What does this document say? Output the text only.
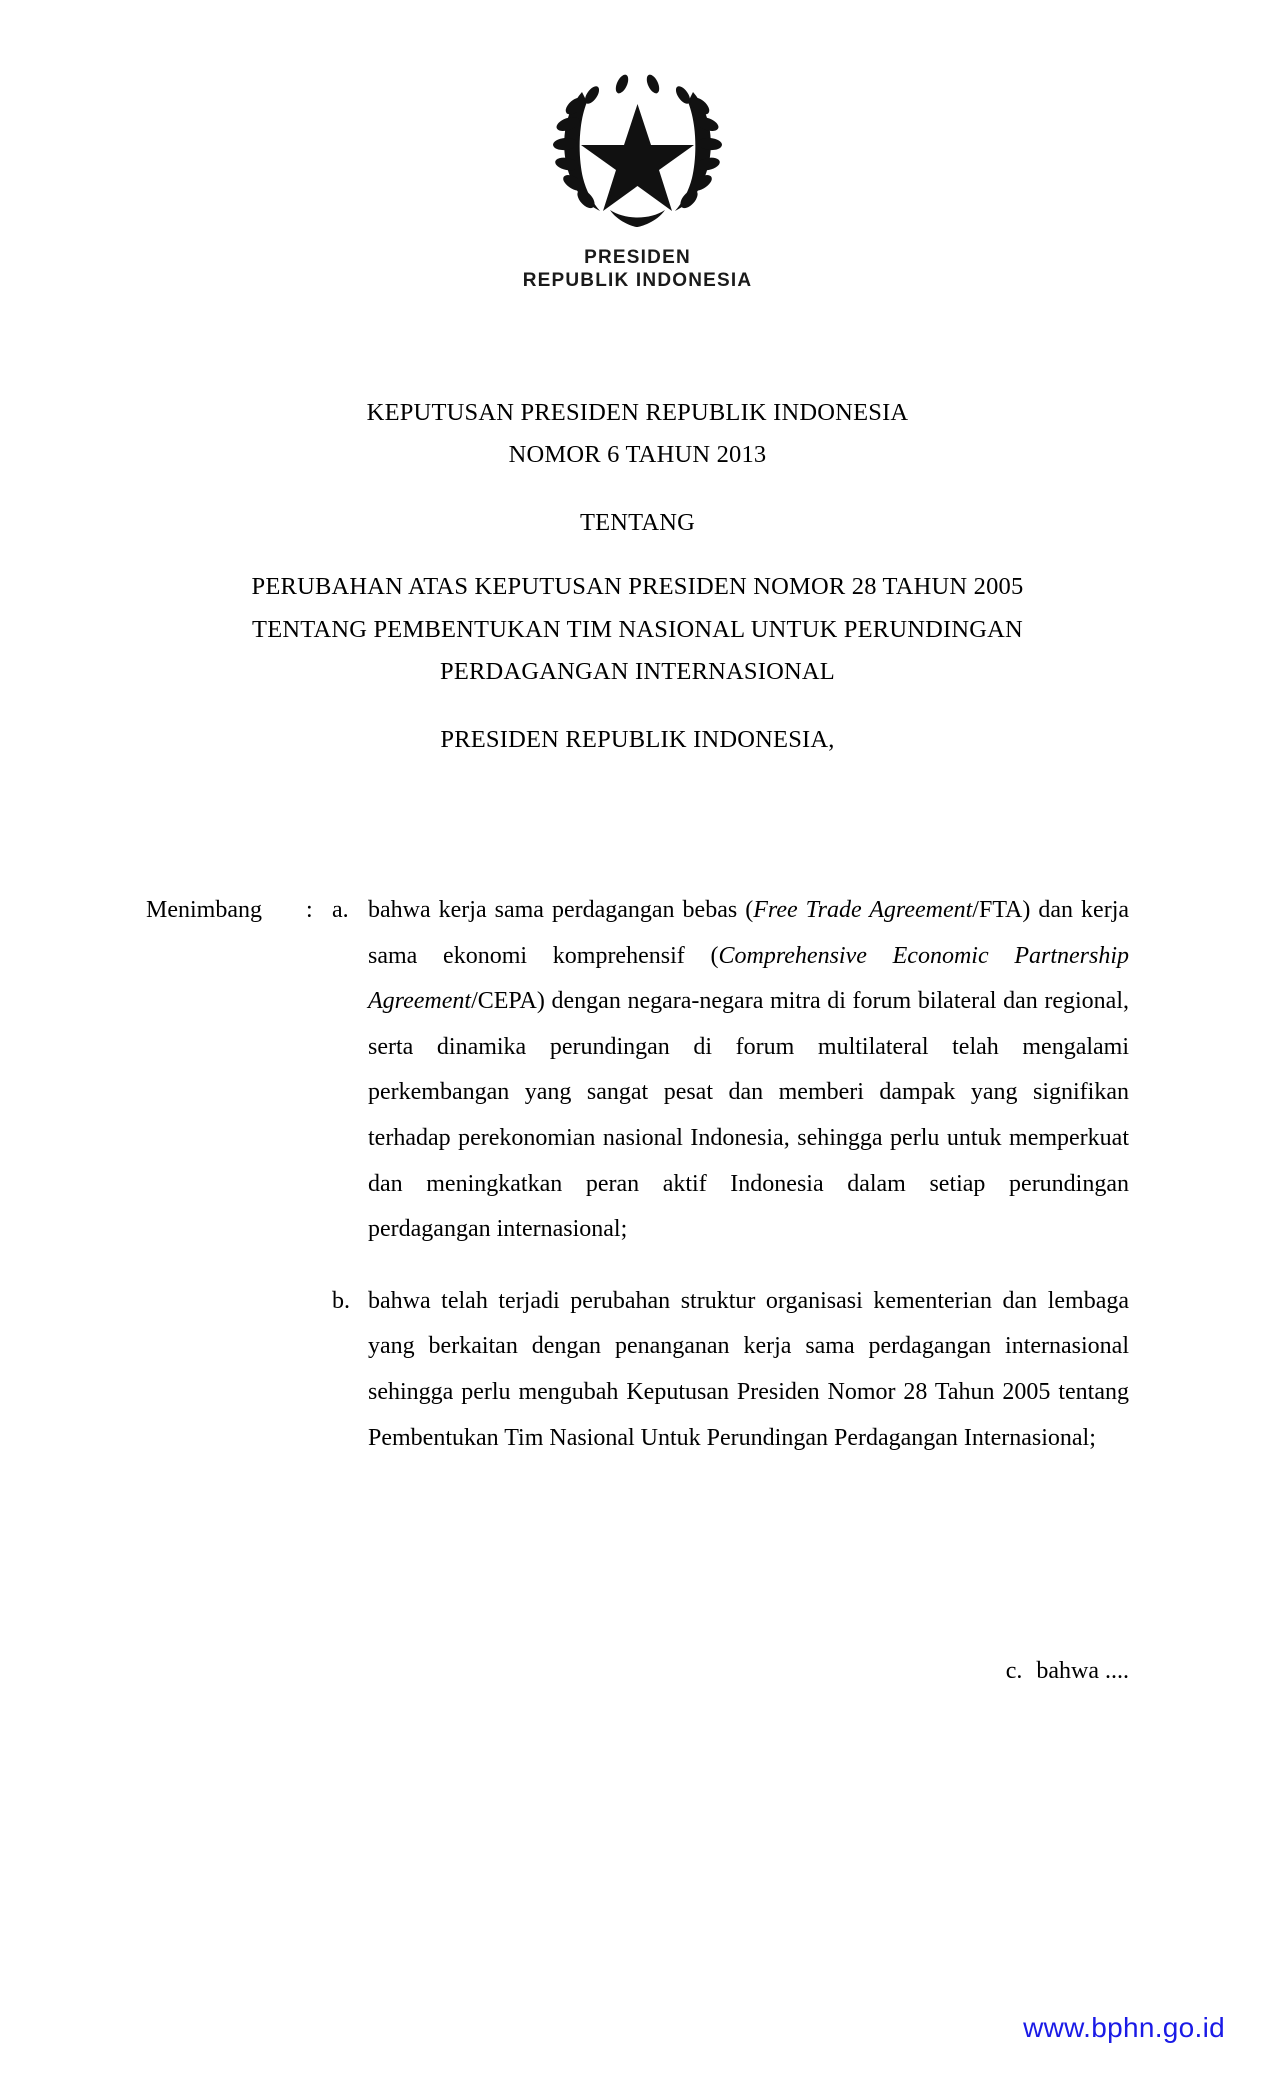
PRESIDEN
REPUBLIK INDONESIA
KEPUTUSAN PRESIDEN REPUBLIK INDONESIA
NOMOR 6 TAHUN 2013
TENTANG
PERUBAHAN ATAS KEPUTUSAN PRESIDEN NOMOR 28 TAHUN 2005
TENTANG PEMBENTUKAN TIM NASIONAL UNTUK PERUNDINGAN
PERDAGANGAN INTERNASIONAL
PRESIDEN REPUBLIK INDONESIA,
Menimbang	: a. bahwa kerja sama perdagangan bebas (Free Trade Agreement/FTA) dan kerja sama ekonomi komprehensif (Comprehensive Economic Partnership Agreement/CEPA) dengan negara-negara mitra di forum bilateral dan regional, serta dinamika perundingan di forum multilateral telah mengalami perkembangan yang sangat pesat dan memberi dampak yang signifikan terhadap perekonomian nasional Indonesia, sehingga perlu untuk memperkuat dan meningkatkan peran aktif Indonesia dalam setiap perundingan perdagangan internasional;
b. bahwa telah terjadi perubahan struktur organisasi kementerian dan lembaga yang berkaitan dengan penanganan kerja sama perdagangan internasional sehingga perlu mengubah Keputusan Presiden Nomor 28 Tahun 2005 tentang Pembentukan Tim Nasional Untuk Perundingan Perdagangan Internasional;
c. bahwa ....
www.bphn.go.id
